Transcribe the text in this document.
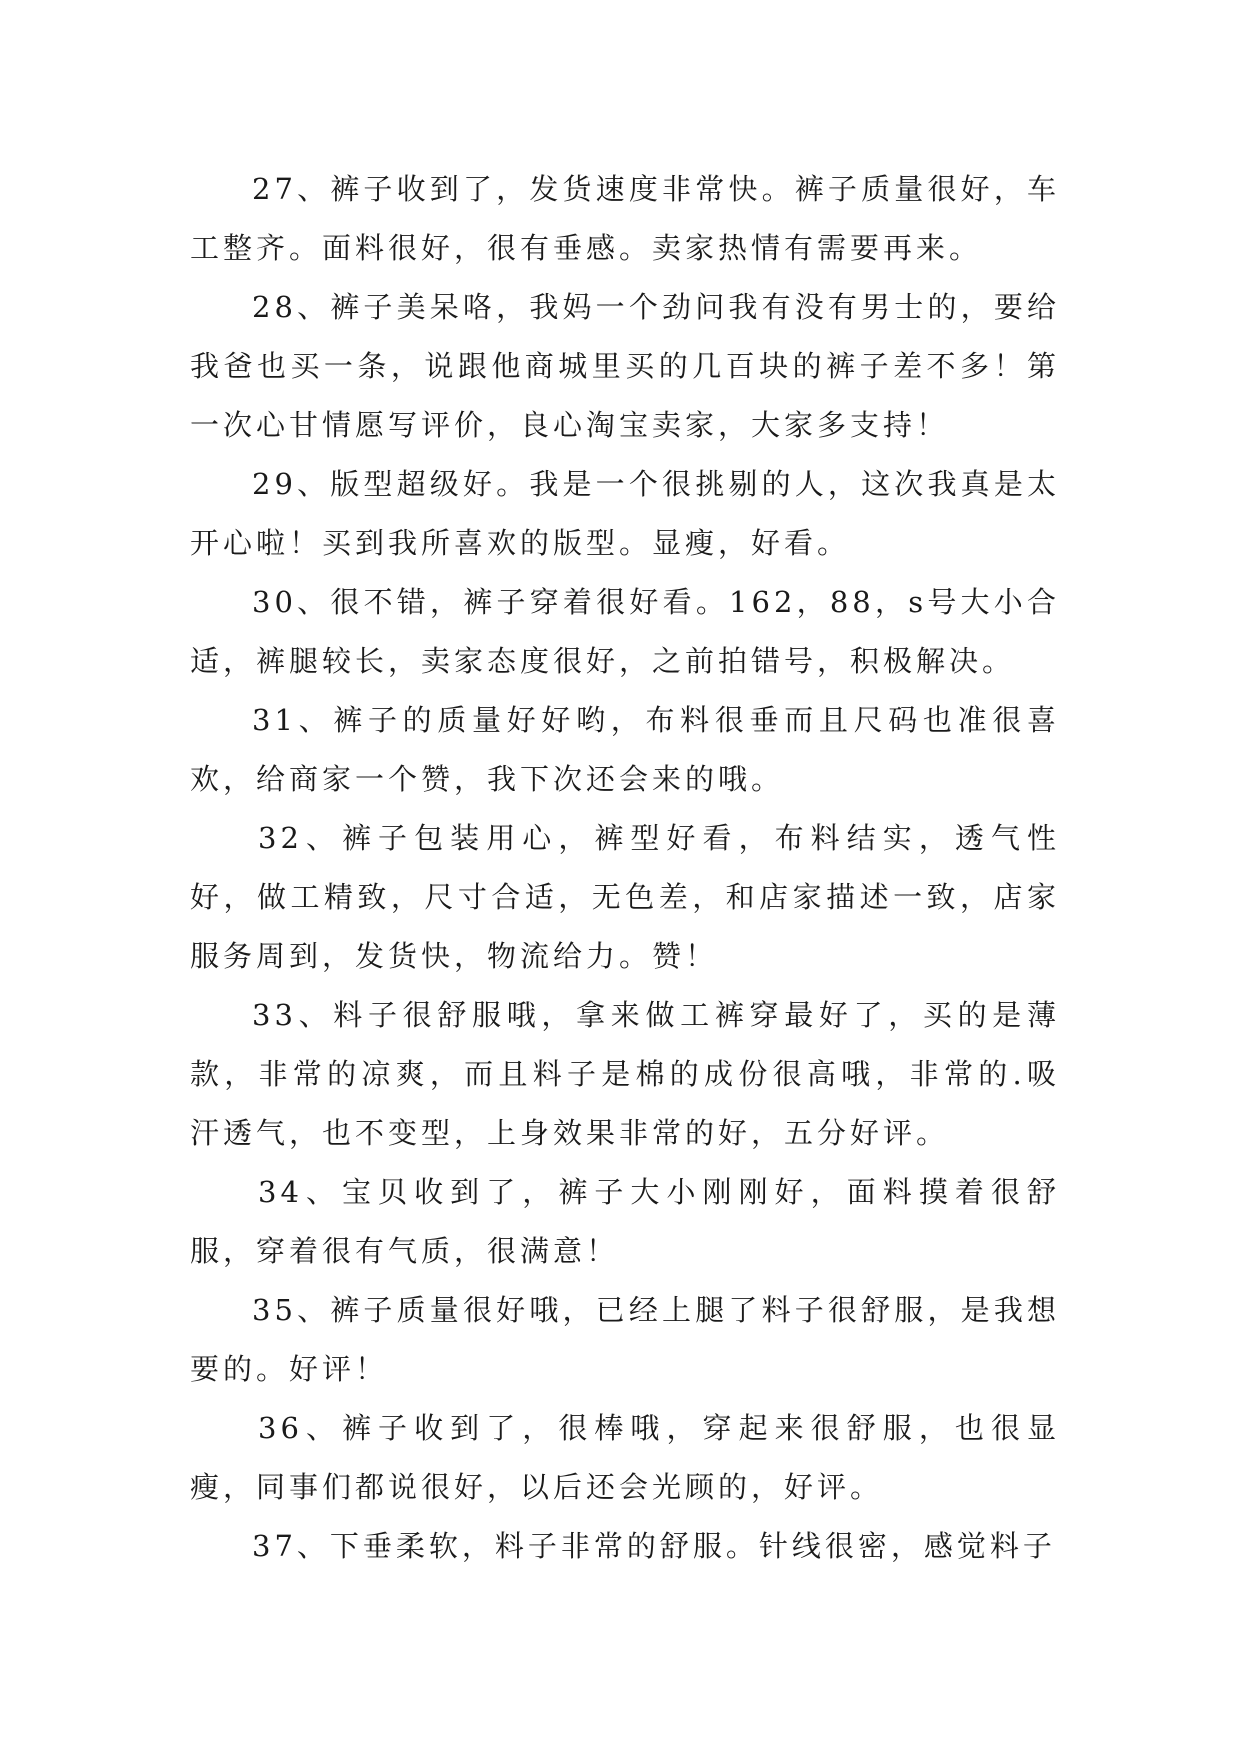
27、裤子收到了，发货速度非常快。裤子质量很好，车工整齐。面料很好，很有垂感。卖家热情有需要再来。

28、裤子美呆咯，我妈一个劲问我有没有男士的，要给我爸也买一条，说跟他商城里买的几百块的裤子差不多！第一次心甘情愿写评价，良心淘宝卖家，大家多支持！

29、版型超级好。我是一个很挑剔的人，这次我真是太开心啦！买到我所喜欢的版型。显瘦，好看。

30、很不错，裤子穿着很好看。162，88，s号大小合适，裤腿较长，卖家态度很好，之前拍错号，积极解决。

31、裤子的质量好好哟，布料很垂而且尺码也准很喜欢，给商家一个赞，我下次还会来的哦。

32、裤子包装用心，裤型好看，布料结实，透气性好，做工精致，尺寸合适，无色差，和店家描述一致，店家服务周到，发货快，物流给力。赞！

33、料子很舒服哦，拿来做工裤穿最好了，买的是薄款，非常的凉爽，而且料子是棉的成份很高哦，非常的.吸汗透气，也不变型，上身效果非常的好，五分好评。

34、宝贝收到了，裤子大小刚刚好，面料摸着很舒服，穿着很有气质，很满意！

35、裤子质量很好哦，已经上腿了料子很舒服，是我想要的。好评！

36、裤子收到了，很棒哦，穿起来很舒服，也很显瘦，同事们都说很好，以后还会光顾的，好评。

37、下垂柔软，料子非常的舒服。针线很密，感觉料子
